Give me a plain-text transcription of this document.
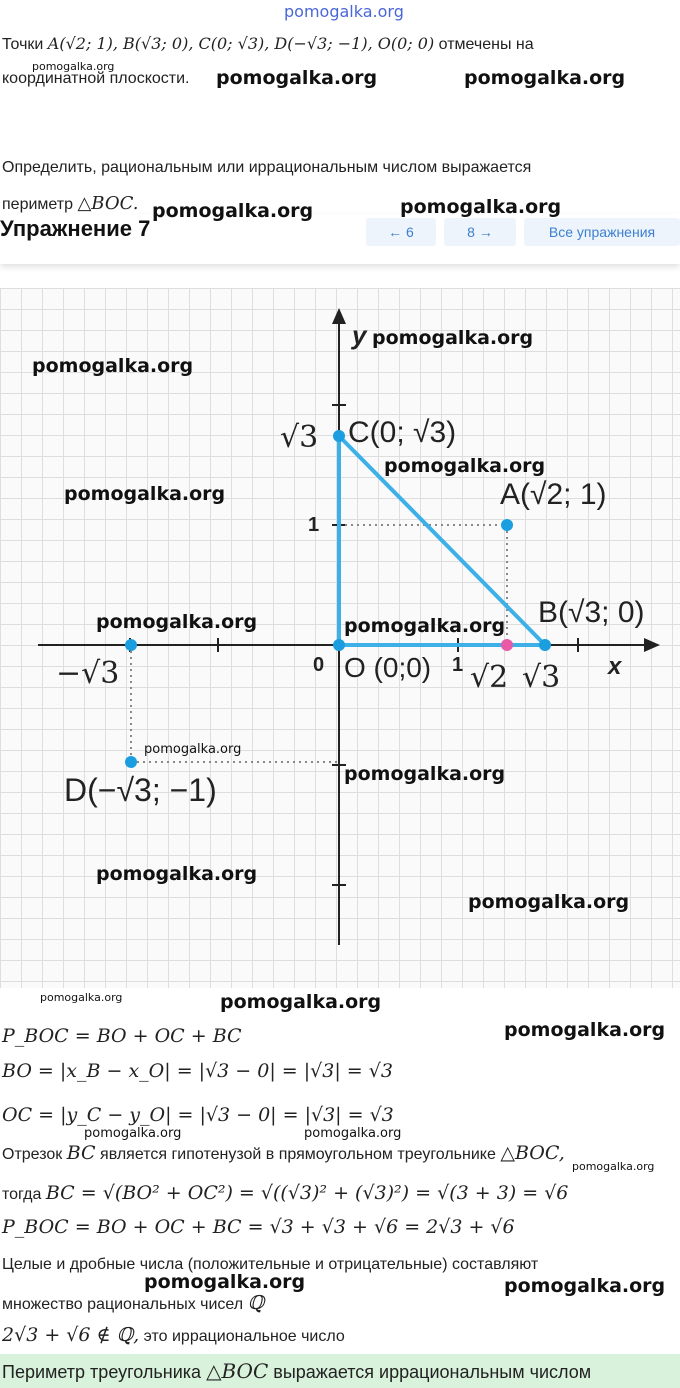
pomogalka.org
Точки A(√2; 1), B(√3; 0), C(0; √3), D(−√3; −1), O(0; 0) отмечены на
pomogalka.org
координатной плоскости. pomogalka.org	pomogalka.org
Упражнение 7	← 6	8 →	Все упражнения
Определить, рациональным или иррациональным числом выражается
периметр △BOC. pomogalka.org	pomogalka.org
y
x
C(0; √3)
A(√2; 1)
B(√3; 0)
O (0;0)
D(−√3; −1)
√3
1
0	1 √2 √3
−√3
pomogalka.org
pomogalka.org
pomogalka.org
pomogalka.org
pomogalka.org	pomogalka.org
pomogalka.org
pomogalka.org
pomogalka.org
pomogalka.org
pomogalka.org	pomogalka.org
pomogalka.org
P_BOC = BO + OC + BC
BO = |x_B − x_O| = |√3 − 0| = |√3| = √3
OC = |y_C − y_O| = |√3 − 0| = |√3| = √3
pomogalka.org	pomogalka.org
Отрезок BC является гипотенузой в прямоугольном треугольнике △BOC,
pomogalka.org
тогда BC = √(BO² + OC²) = √((√3)² + (√3)²) = √(3 + 3) = √6
P_BOC = BO + OC + BC = √3 + √3 + √6 = 2√3 + √6
Целые и дробные числа (положительные и отрицательные) составляют
pomogalka.org	pomogalka.org
множество рациональных чисел ℚ
2√3 + √6 ∉ ℚ, это иррациональное число
Периметр треугольника △BOC выражается иррациональным числом
